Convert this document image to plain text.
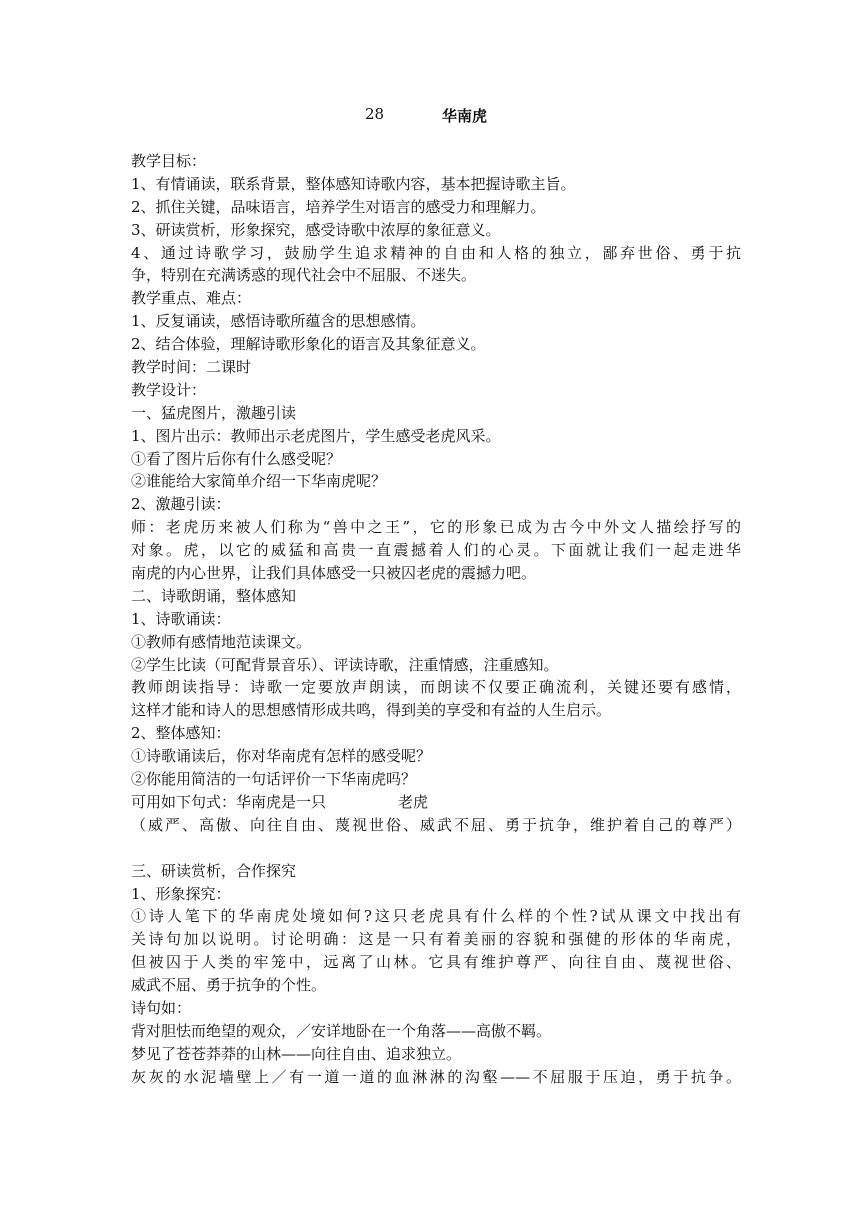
28	华南虎
教学目标：
1、有情诵读，联系背景，整体感知诗歌内容，基本把握诗歌主旨。
2、抓住关键，品味语言，培养学生对语言的感受力和理解力。
3、研读赏析，形象探究，感受诗歌中浓厚的象征意义。
4、通过诗歌学习，鼓励学生追求精神的自由和人格的独立，鄙弃世俗、勇于抗
争，特别在充满诱惑的现代社会中不屈服、不迷失。
教学重点、难点：
1、反复诵读，感悟诗歌所蕴含的思想感情。
2、结合体验，理解诗歌形象化的语言及其象征意义。
教学时间：二课时
教学设计：
一、猛虎图片，激趣引读
1、图片出示：教师出示老虎图片，学生感受老虎风采。
①看了图片后你有什么感受呢？
②谁能给大家简单介绍一下华南虎呢？
2、激趣引读：
师：老虎历来被人们称为“兽中之王”，它的形象已成为古今中外文人描绘抒写的
对象。虎，以它的威猛和高贵一直震撼着人们的心灵。下面就让我们一起走进华
南虎的内心世界，让我们具体感受一只被囚老虎的震撼力吧。
二、诗歌朗诵，整体感知
1、诗歌诵读：
①教师有感情地范读课文。
②学生比读（可配背景音乐）、评读诗歌，注重情感，注重感知。
教师朗读指导：诗歌一定要放声朗读，而朗读不仅要正确流利，关键还要有感情，
这样才能和诗人的思想感情形成共鸣，得到美的享受和有益的人生启示。
2、整体感知：
①诗歌诵读后，你对华南虎有怎样的感受呢？
②你能用简洁的一句话评价一下华南虎吗？
可用如下句式：华南虎是一只	老虎
（威严、高傲、向往自由、蔑视世俗、威武不屈、勇于抗争，维护着自己的尊严）
三、研读赏析，合作探究
1、形象探究：
①诗人笔下的华南虎处境如何?这只老虎具有什么样的个性?试从课文中找出有
关诗句加以说明。讨论明确：这是一只有着美丽的容貌和强健的形体的华南虎，
但被囚于人类的牢笼中，远离了山林。它具有维护尊严、向往自由、蔑视世俗、
威武不屈、勇于抗争的个性。
诗句如：
背对胆怯而绝望的观众，／安详地卧在一个角落——高傲不羁。
梦见了苍苍莽莽的山林——向往自由、追求独立。
灰灰的水泥墙壁上／有一道一道的血淋淋的沟壑——不屈服于压迫，勇于抗争。
